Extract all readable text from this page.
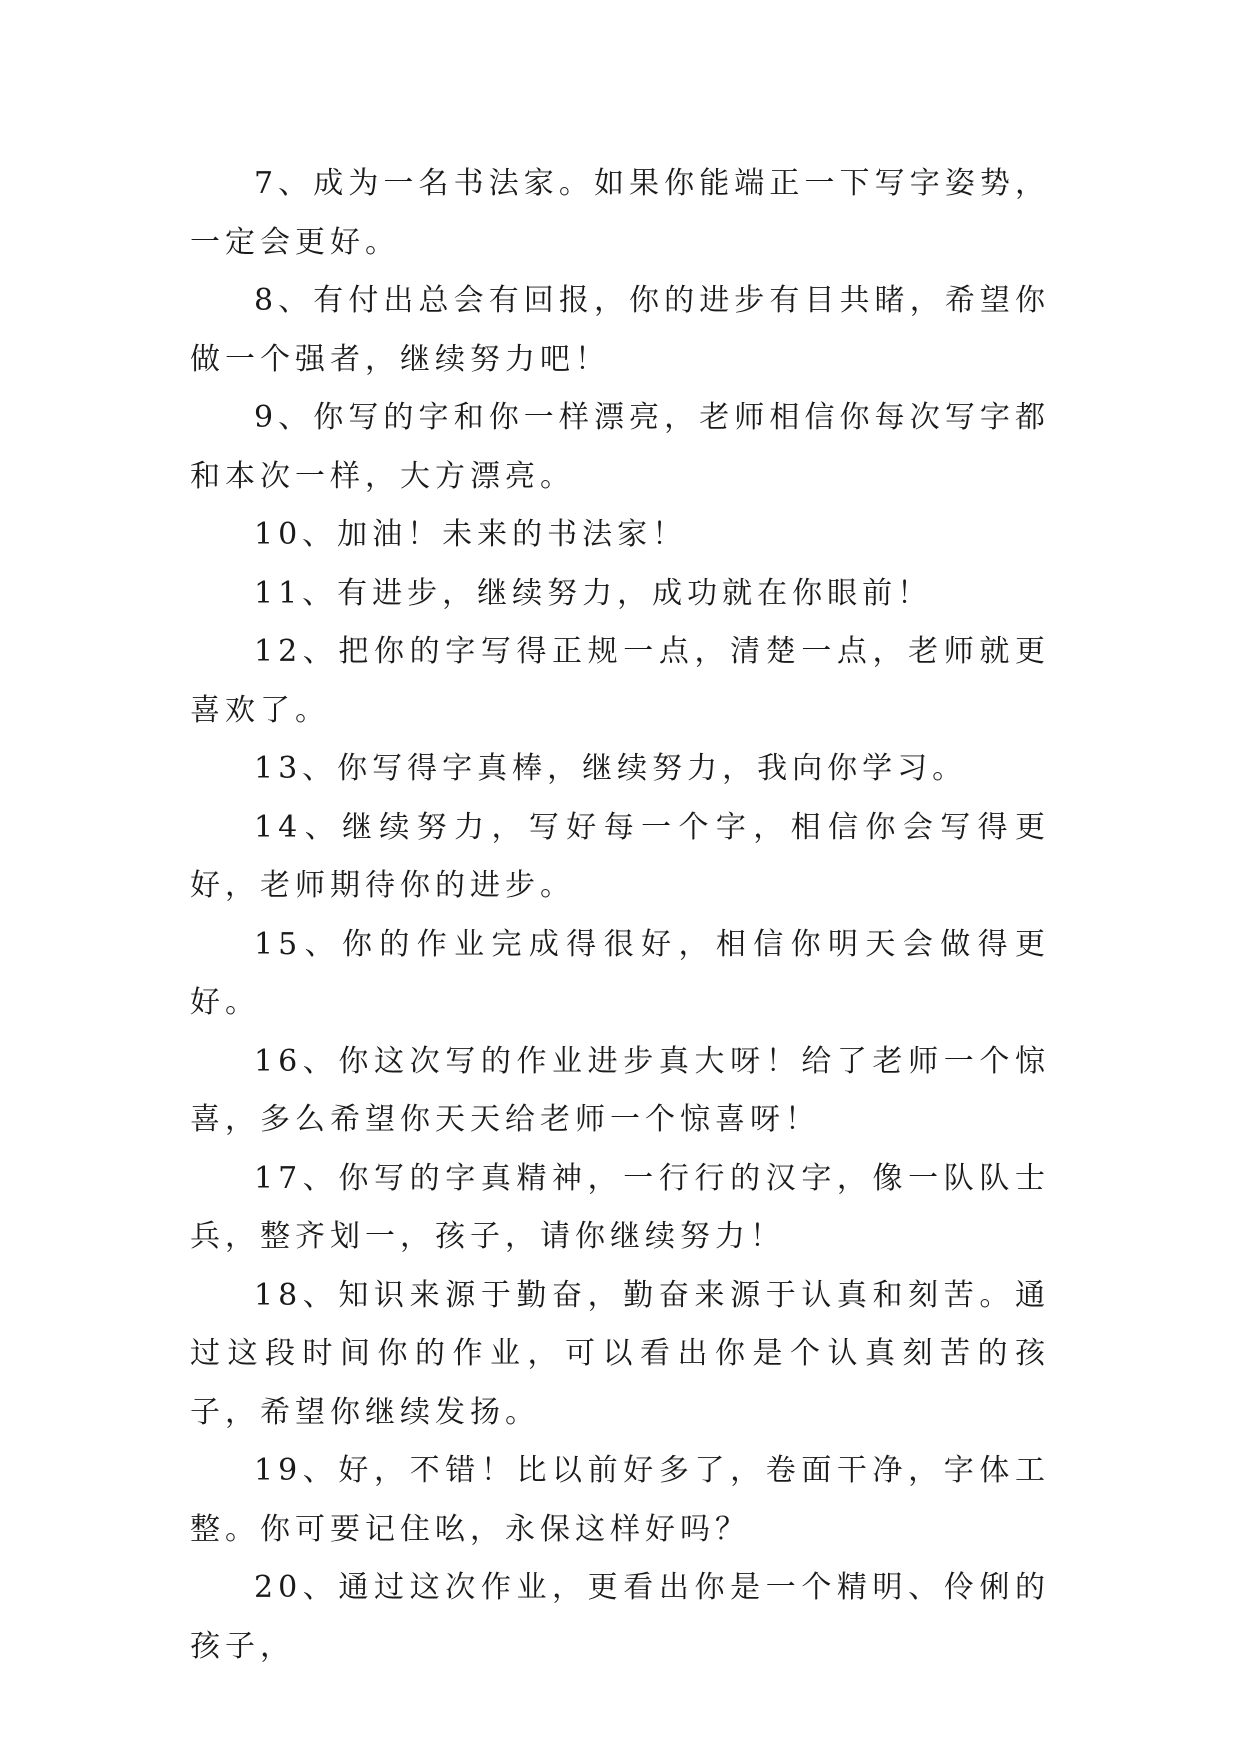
7、成为一名书法家。如果你能端正一下写字姿势，一定会更好。

8、有付出总会有回报，你的进步有目共睹，希望你做一个强者，继续努力吧！

9、你写的字和你一样漂亮，老师相信你每次写字都和本次一样，大方漂亮。

10、加油！未来的书法家！

11、有进步，继续努力，成功就在你眼前！

12、把你的字写得正规一点，清楚一点，老师就更喜欢了。

13、你写得字真棒，继续努力，我向你学习。

14、继续努力，写好每一个字，相信你会写得更好，老师期待你的进步。

15、你的作业完成得很好，相信你明天会做得更好。

16、你这次写的作业进步真大呀！给了老师一个惊喜，多么希望你天天给老师一个惊喜呀！

17、你写的字真精神，一行行的汉字，像一队队士兵，整齐划一，孩子，请你继续努力！

18、知识来源于勤奋，勤奋来源于认真和刻苦。通过这段时间你的作业，可以看出你是个认真刻苦的孩子，希望你继续发扬。

19、好，不错！比以前好多了，卷面干净，字体工整。你可要记住吆，永保这样好吗？

20、通过这次作业，更看出你是一个精明、伶俐的孩子，
